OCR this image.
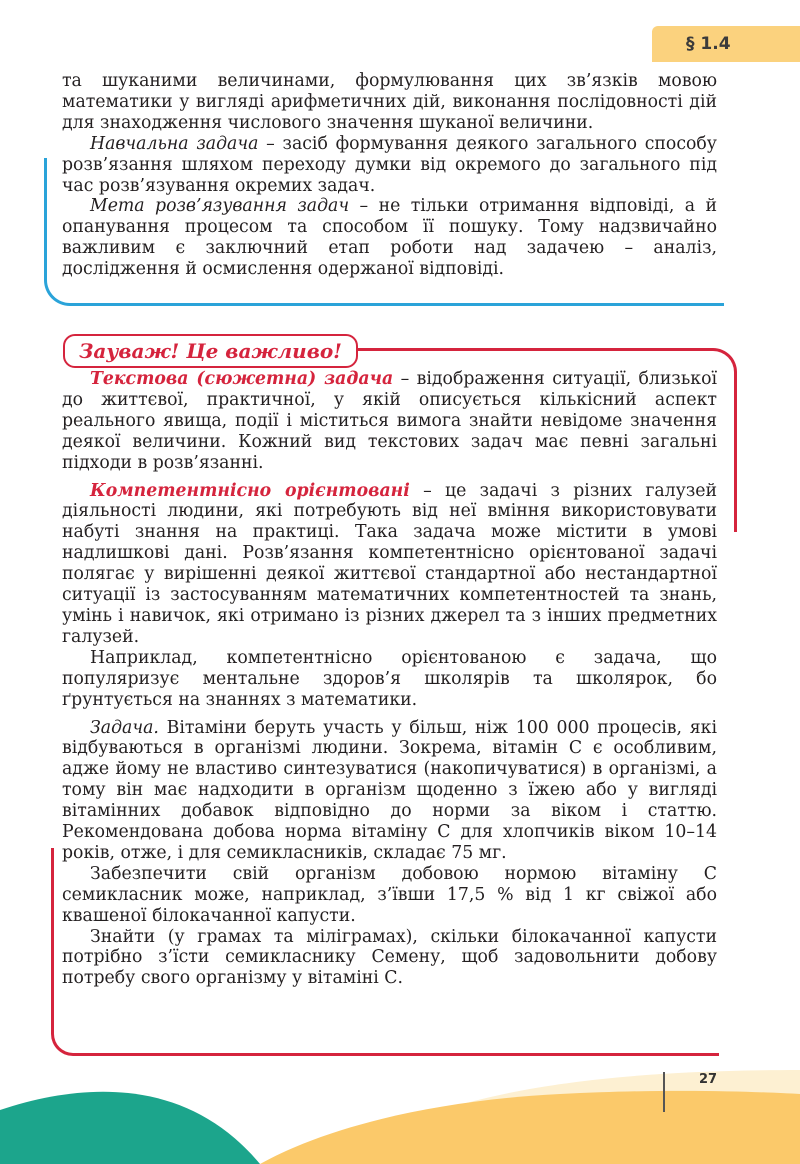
§ 1.4

та шуканими величинами, формулювання цих зв’язків мовою математики у вигляді арифметичних дій, виконання послідовності дій для знаходження числового значення шуканої величини.

Навчальна задача – засіб формування деякого загального способу розв’язання шляхом переходу думки від окремого до загального під час розв’язування окремих задач.

Мета розв’язування задач – не тільки отримання відповіді, а й опанування процесом та способом її пошуку. Тому надзвичайно важливим є заключний етап роботи над задачею – аналіз, дослідження й осмислення одержаної відповіді.

Зауваж! Це важливо!

Текстова (сюжетна) задача – відображення ситуації, близької до життєвої, практичної, у якій описується кількісний аспект реального явища, події і міститься вимога знайти невідоме значення деякої величини. Кожний вид текстових задач має певні загальні підходи в розв’язанні.

Компетентнісно орієнтовані – це задачі з різних галузей діяльності людини, які потребують від неї вміння використовувати набуті знання на практиці. Така задача може містити в умові надлишкові дані. Розв’язання компетентнісно орієнтованої задачі полягає у вирішенні деякої життєвої стандартної або нестандартної ситуації із застосуванням математичних компетентностей та знань, умінь і навичок, які отримано із різних джерел та з інших предметних галузей.

Наприклад, компетентнісно орієнтованою є задача, що популяризує ментальне здоров’я школярів та школярок, бо ґрунтується на знаннях з математики.

Задача. Вітаміни беруть участь у більш, ніж 100 000 процесів, які відбуваються в організмі людини. Зокрема, вітамін С є особливим, адже йому не властиво синтезуватися (накопичуватися) в організмі, а тому він має надходити в організм щоденно з їжею або у вигляді вітамінних добавок відповідно до норми за віком і статтю. Рекомендована добова норма вітаміну С для хлопчиків віком 10–14 років, отже, і для семикласників, складає 75 мг.

Забезпечити свій організм добовою нормою вітаміну С семикласник може, наприклад, з’ївши 17,5 % від 1 кг свіжої або квашеної білокачанної капусти.

Знайти (у грамах та міліграмах), скільки білокачанної капусти потрібно з’їсти семикласнику Семену, щоб задовольнити добову потребу свого організму у вітаміні С.

27
